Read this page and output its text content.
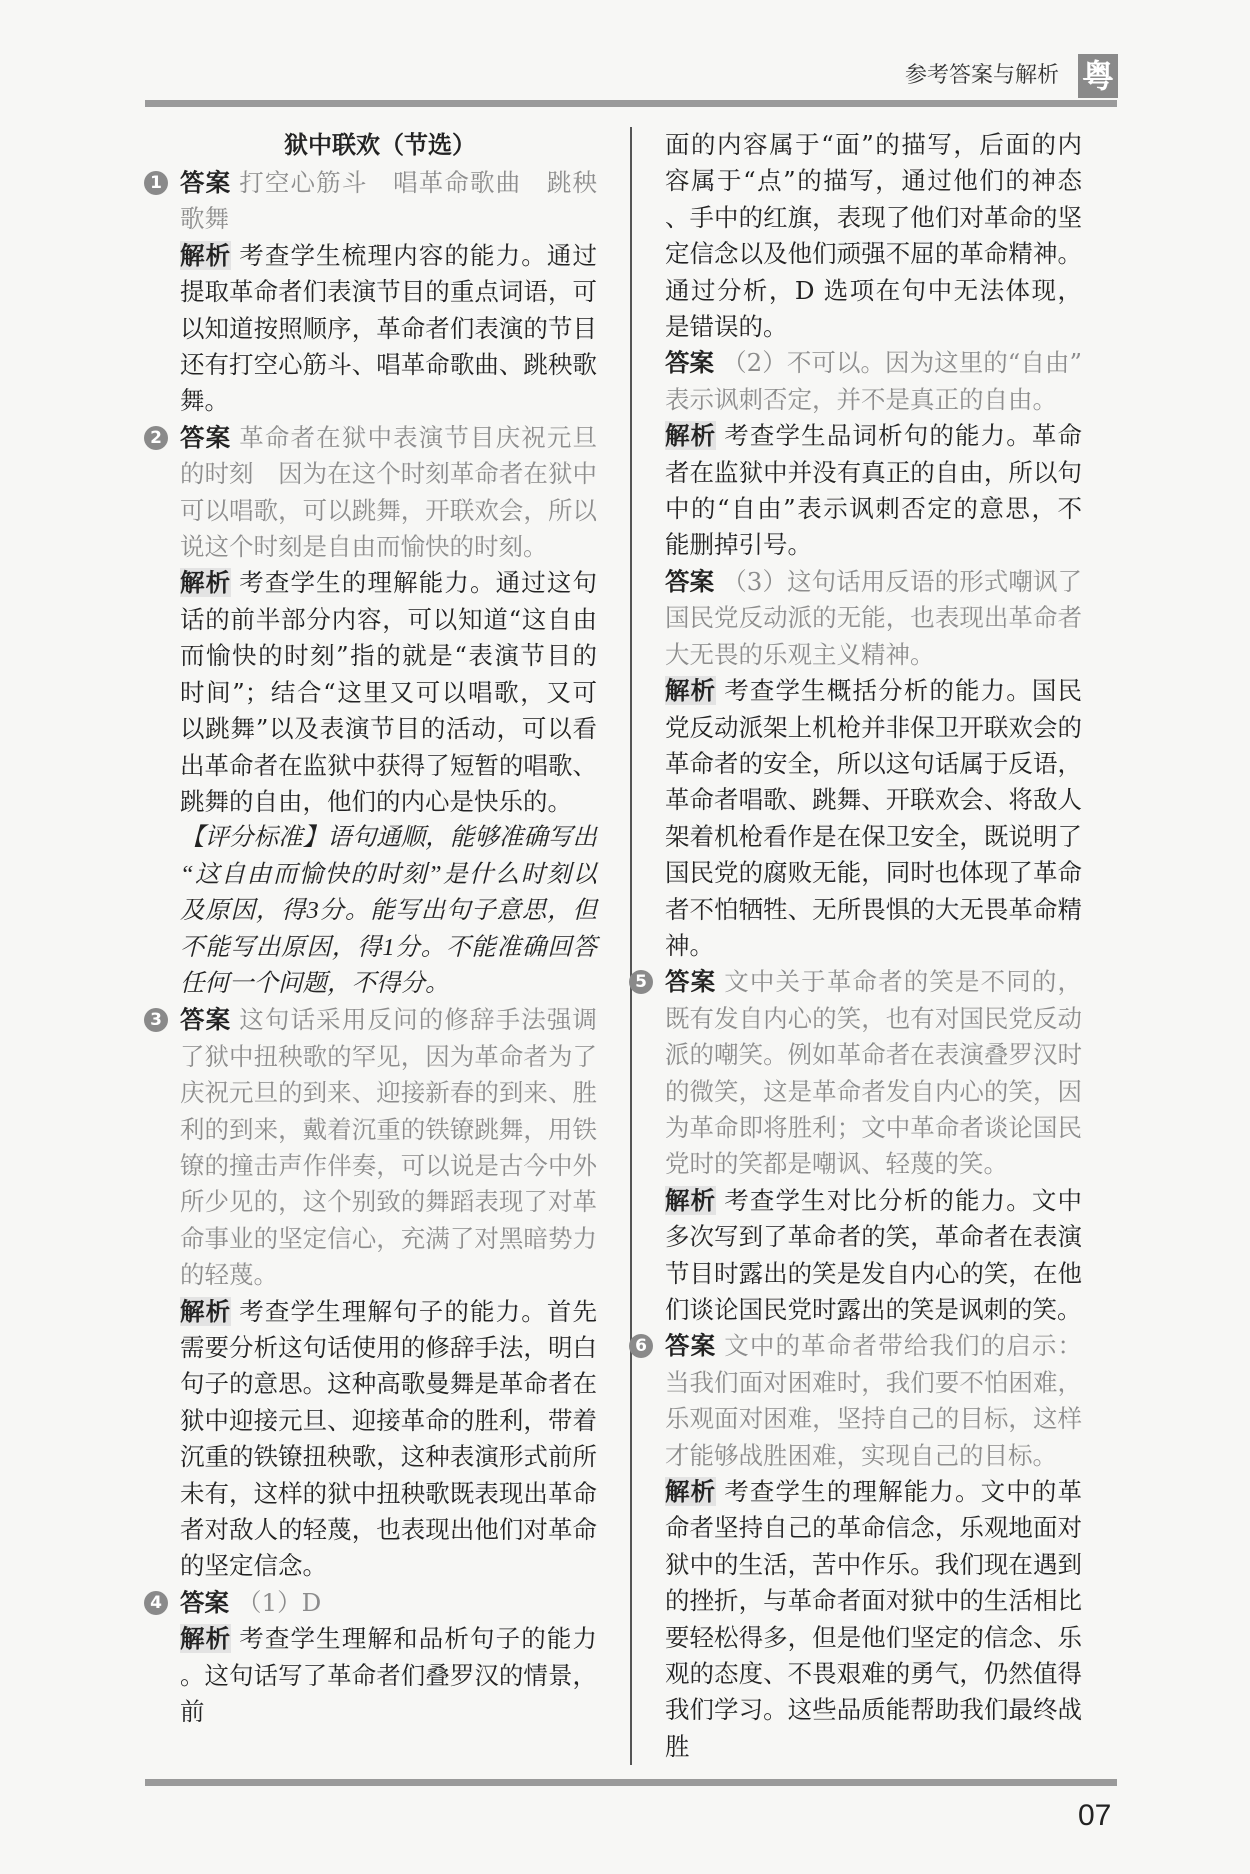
参考答案与解析 粤
狱中联欢（节选）
1 答案 打空心筋斗　唱革命歌曲　跳秧歌舞

解析 考查学生梳理内容的能力。通过提取革命者们表演节目的重点词语，可以知道按照顺序，革命者们表演的节目还有打空心筋斗、唱革命歌曲、跳秧歌舞。

2 答案 革命者在狱中表演节目庆祝元旦的时刻　因为在这个时刻革命者在狱中可以唱歌，可以跳舞，开联欢会，所以说这个时刻是自由而愉快的时刻。

解析 考查学生的理解能力。通过这句话的前半部分内容，可以知道“这自由而愉快的时刻”指的就是“表演节目的时间”；结合“这里又可以唱歌，又可以跳舞”以及表演节目的活动，可以看出革命者在监狱中获得了短暂的唱歌、跳舞的自由，他们的内心是快乐的。

【评分标准】语句通顺，能够准确写出“这自由而愉快的时刻”是什么时刻以及原因，得3分。能写出句子意思，但不能写出原因，得1分。不能准确回答任何一个问题，不得分。

3 答案 这句话采用反问的修辞手法强调了狱中扭秧歌的罕见，因为革命者为了庆祝元旦的到来、迎接新春的到来、胜利的到来，戴着沉重的铁镣跳舞，用铁镣的撞击声作伴奏，可以说是古今中外所少见的，这个别致的舞蹈表现了对革命事业的坚定信心，充满了对黑暗势力的轻蔑。

解析 考查学生理解句子的能力。首先需要分析这句话使用的修辞手法，明白句子的意思。这种高歌曼舞是革命者在狱中迎接元旦、迎接革命的胜利，带着沉重的铁镣扭秧歌，这种表演形式前所未有，这样的狱中扭秧歌既表现出革命者对敌人的轻蔑，也表现出他们对革命的坚定信念。

4 答案 （1）D

解析 考查学生理解和品析句子的能力。这句话写了革命者们叠罗汉的情景，前

面的内容属于“面”的描写，后面的内容属于“点”的描写，通过他们的神态、手中的红旗，表现了他们对革命的坚定信念以及他们顽强不屈的革命精神。通过分析，D 选项在句中无法体现，是错误的。

答案 （2）不可以。因为这里的“自由”表示讽刺否定，并不是真正的自由。

解析 考查学生品词析句的能力。革命者在监狱中并没有真正的自由，所以句中的“自由”表示讽刺否定的意思，不能删掉引号。

答案 （3）这句话用反语的形式嘲讽了国民党反动派的无能，也表现出革命者大无畏的乐观主义精神。

解析 考查学生概括分析的能力。国民党反动派架上机枪并非保卫开联欢会的革命者的安全，所以这句话属于反语，革命者唱歌、跳舞、开联欢会、将敌人架着机枪看作是在保卫安全，既说明了国民党的腐败无能，同时也体现了革命者不怕牺牲、无所畏惧的大无畏革命精神。

5 答案 文中关于革命者的笑是不同的，既有发自内心的笑，也有对国民党反动派的嘲笑。例如革命者在表演叠罗汉时的微笑，这是革命者发自内心的笑，因为革命即将胜利；文中革命者谈论国民党时的笑都是嘲讽、轻蔑的笑。

解析 考查学生对比分析的能力。文中多次写到了革命者的笑，革命者在表演节目时露出的笑是发自内心的笑，在他们谈论国民党时露出的笑是讽刺的笑。

6 答案 文中的革命者带给我们的启示：当我们面对困难时，我们要不怕困难，乐观面对困难，坚持自己的目标，这样才能够战胜困难，实现自己的目标。

解析 考查学生的理解能力。文中的革命者坚持自己的革命信念，乐观地面对狱中的生活，苦中作乐。我们现在遇到的挫折，与革命者面对狱中的生活相比要轻松得多，但是他们坚定的信念、乐观的态度、不畏艰难的勇气，仍然值得我们学习。这些品质能帮助我们最终战胜

07
